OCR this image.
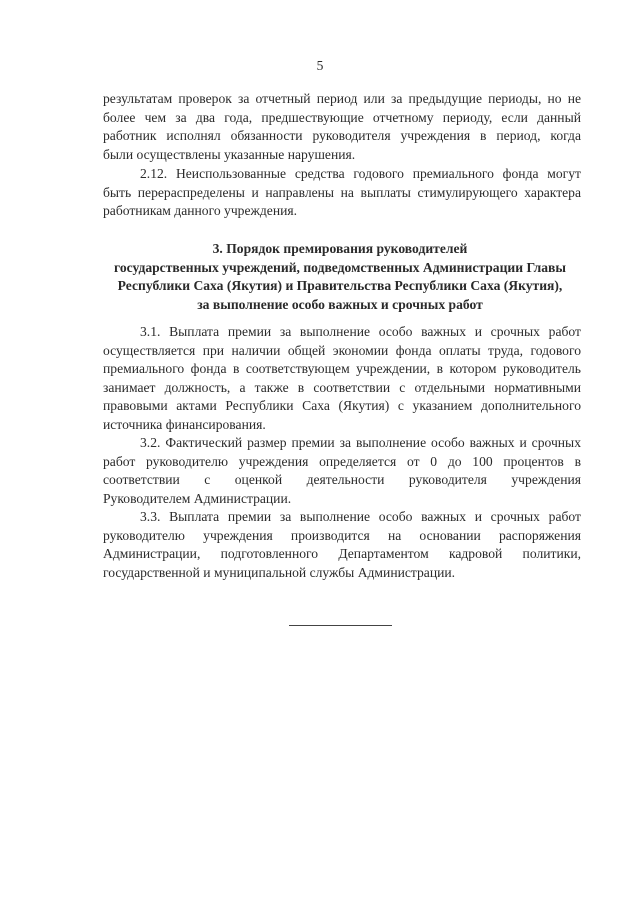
5
результатам проверок за отчетный период или за предыдущие периоды, но не
более чем за два года, предшествующие отчетному периоду, если данный
работник исполнял обязанности руководителя учреждения в период, когда
были осуществлены указанные нарушения.
2.12. Неиспользованные средства годового премиального фонда могут
быть перераспределены и направлены на выплаты стимулирующего характера
работникам данного учреждения.
3. Порядок премирования руководителей
государственных учреждений, подведомственных Администрации Главы
Республики Саха (Якутия) и Правительства Республики Саха (Якутия),
за выполнение особо важных и срочных работ
3.1. Выплата премии за выполнение особо важных и срочных работ
осуществляется при наличии общей экономии фонда оплаты труда, годового
премиального фонда в соответствующем учреждении, в котором руководитель
занимает должность, а также в соответствии с отдельными нормативными
правовыми актами Республики Саха (Якутия) с указанием дополнительного
источника финансирования.
3.2. Фактический размер премии за выполнение особо важных и срочных
работ руководителю учреждения определяется от 0 до 100 процентов в
соответствии с оценкой деятельности руководителя учреждения
Руководителем Администрации.
3.3. Выплата премии за выполнение особо важных и срочных работ
руководителю учреждения производится на основании распоряжения
Администрации, подготовленного Департаментом кадровой политики,
государственной и муниципальной службы Администрации.
